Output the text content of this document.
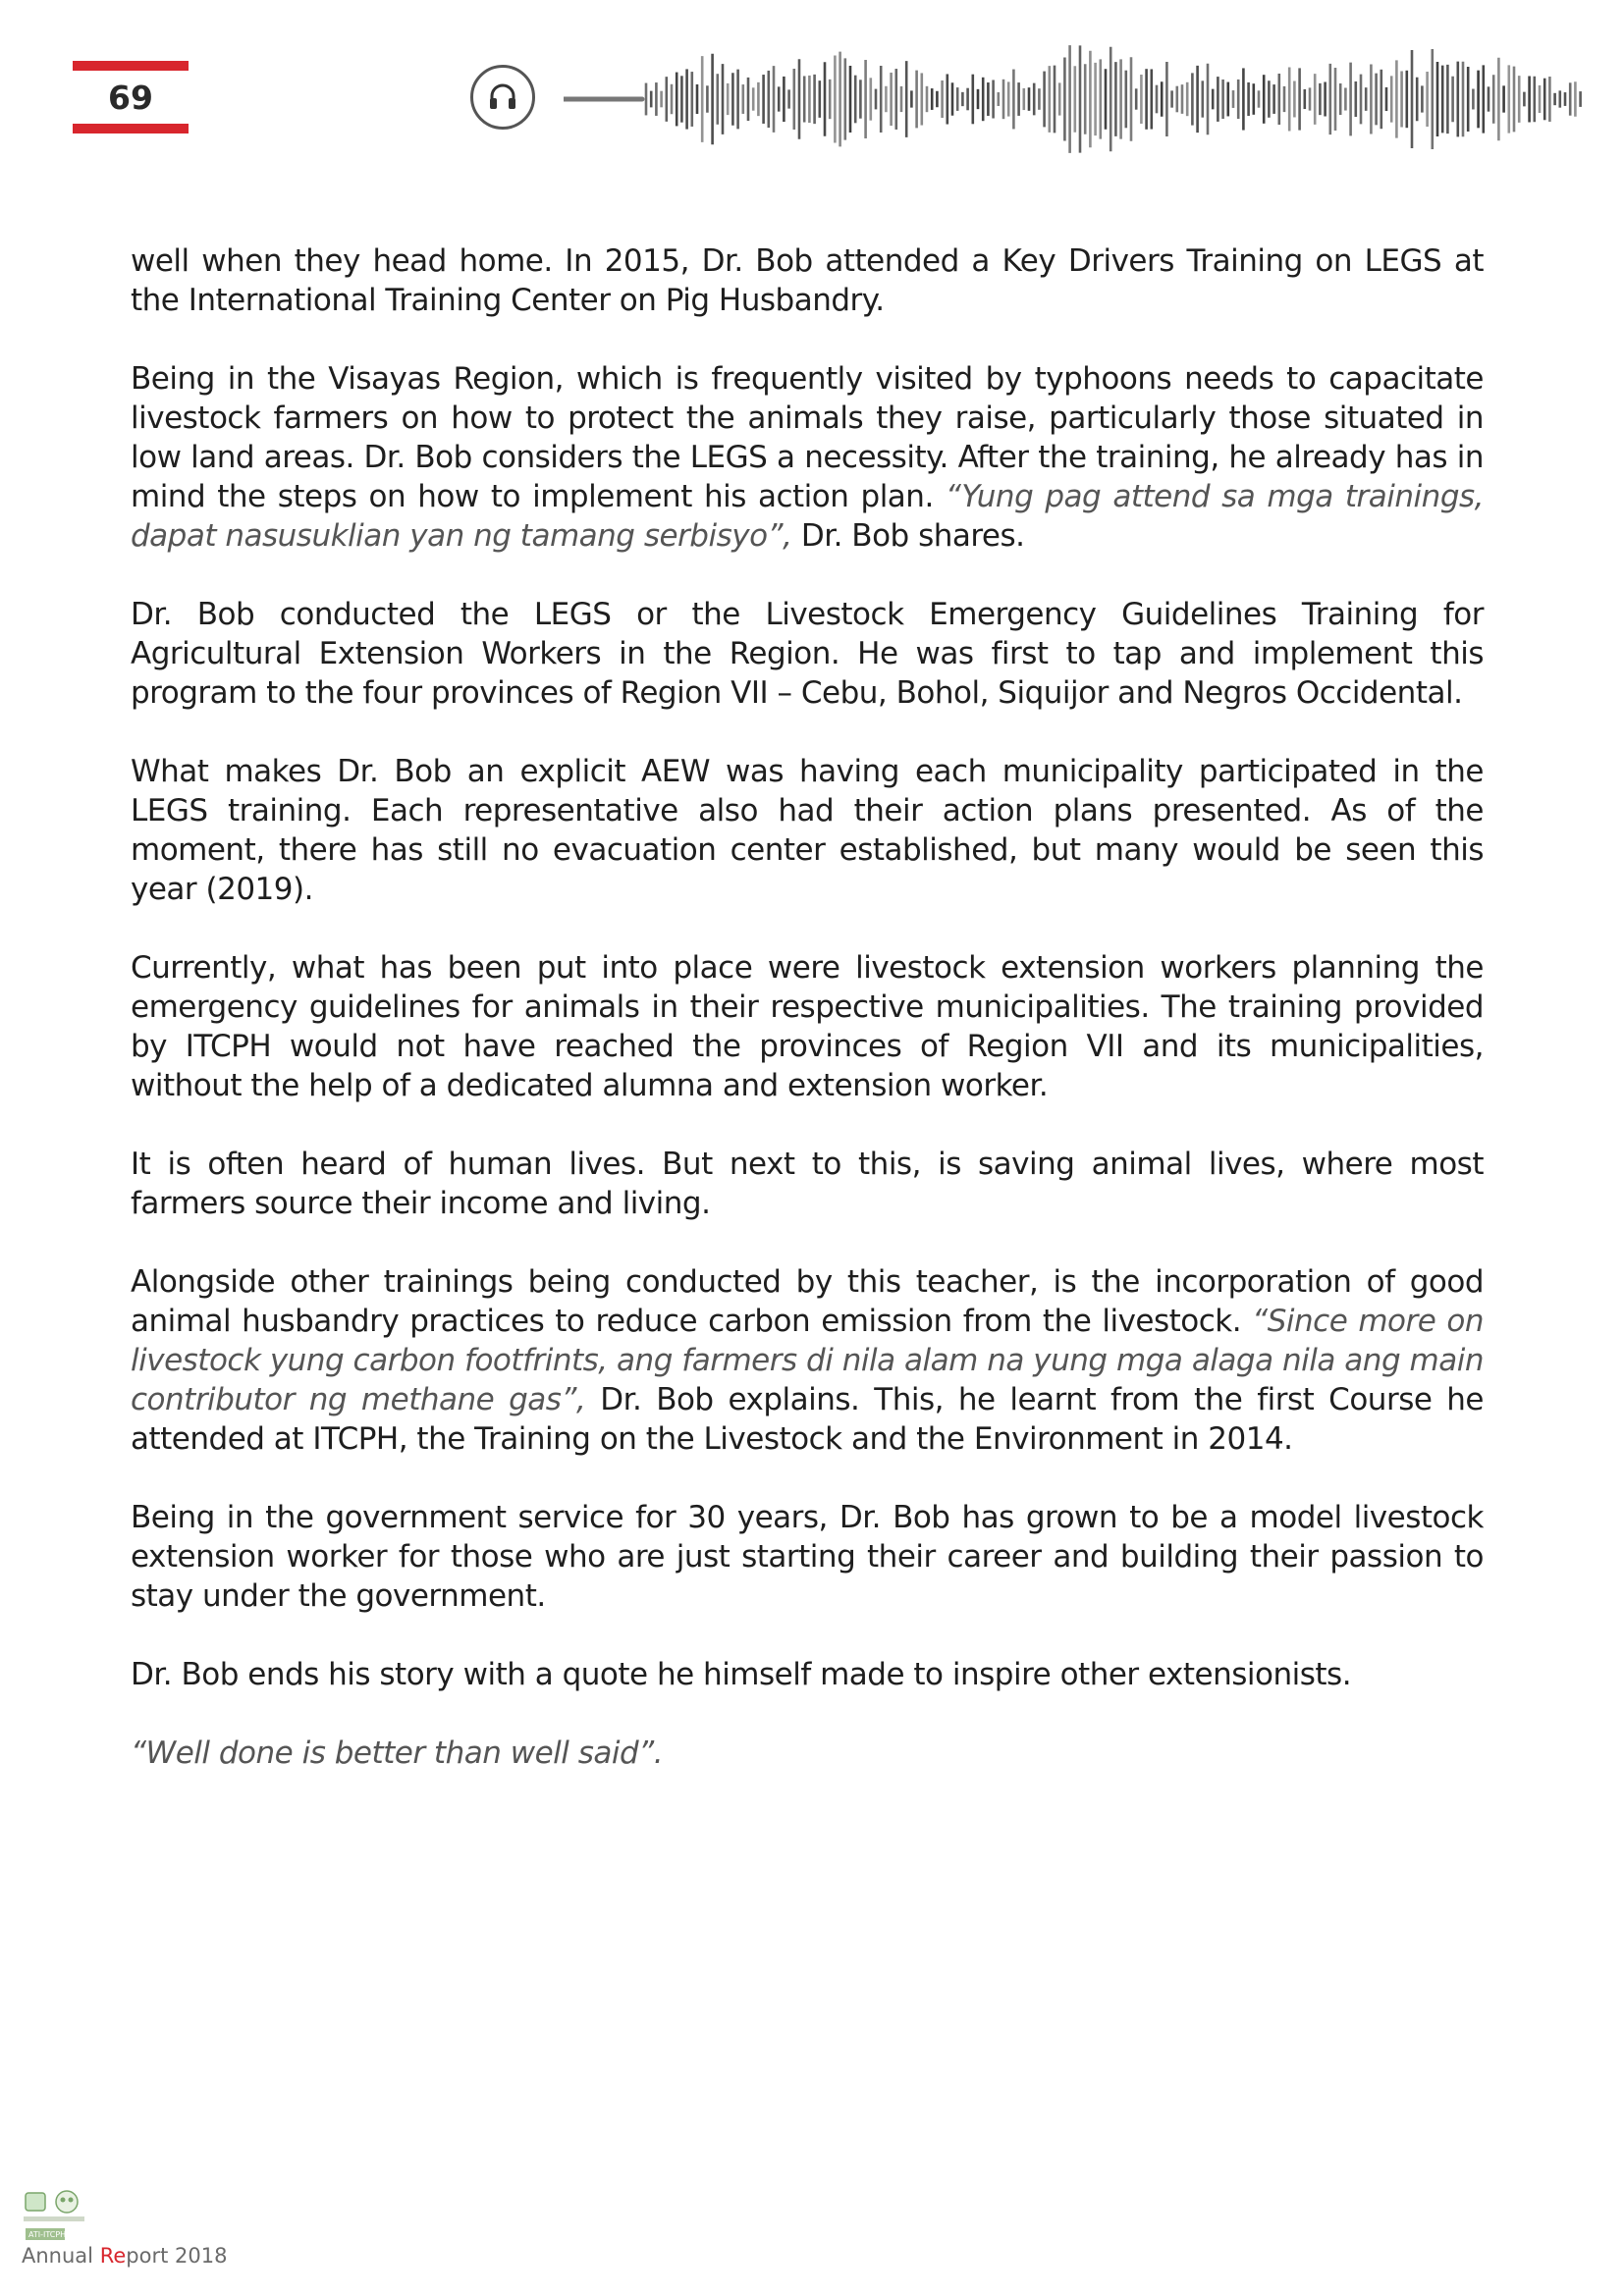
69

well when they head home. In 2015, Dr. Bob attended a Key Drivers Training on LEGS at the International Training Center on Pig Husbandry.

Being in the Visayas Region, which is frequently visited by typhoons needs to capacitate livestock farmers on how to protect the animals they raise, particularly those situated in low land areas. Dr. Bob considers the LEGS a necessity. After the training, he already has in mind the steps on how to implement his action plan. “Yung pag attend sa mga trainings, dapat nasusuklian yan ng tamang serbisyo”, Dr. Bob shares.

Dr. Bob conducted the LEGS or the Livestock Emergency Guidelines Training for Agricultural Extension Workers in the Region. He was first to tap and implement this program to the four provinces of Region VII – Cebu, Bohol, Siquijor and Negros Occidental.

What makes Dr. Bob an explicit AEW was having each municipality participated in the LEGS training. Each representative also had their action plans presented. As of the moment, there has still no evacuation center established, but many would be seen this year (2019).

Currently, what has been put into place were livestock extension workers planning the emergency guidelines for animals in their respective municipalities. The training provided by ITCPH would not have reached the provinces of Region VII and its municipalities, without the help of a dedicated alumna and extension worker.

It is often heard of human lives. But next to this, is saving animal lives, where most farmers source their income and living.

Alongside other trainings being conducted by this teacher, is the incorporation of good animal husbandry practices to reduce carbon emission from the livestock. “Since more on livestock yung carbon footfrints, ang farmers di nila alam na yung mga alaga nila ang main contributor ng methane gas”, Dr. Bob explains. This, he learnt from the first Course he attended at ITCPH, the Training on the Livestock and the Environment in 2014.

Being in the government service for 30 years, Dr. Bob has grown to be a model livestock extension worker for those who are just starting their career and building their passion to stay under the government.

Dr. Bob ends his story with a quote he himself made to inspire other extensionists.

“Well done is better than well said”.

ATI-ITCPH
Annual Report 2018
